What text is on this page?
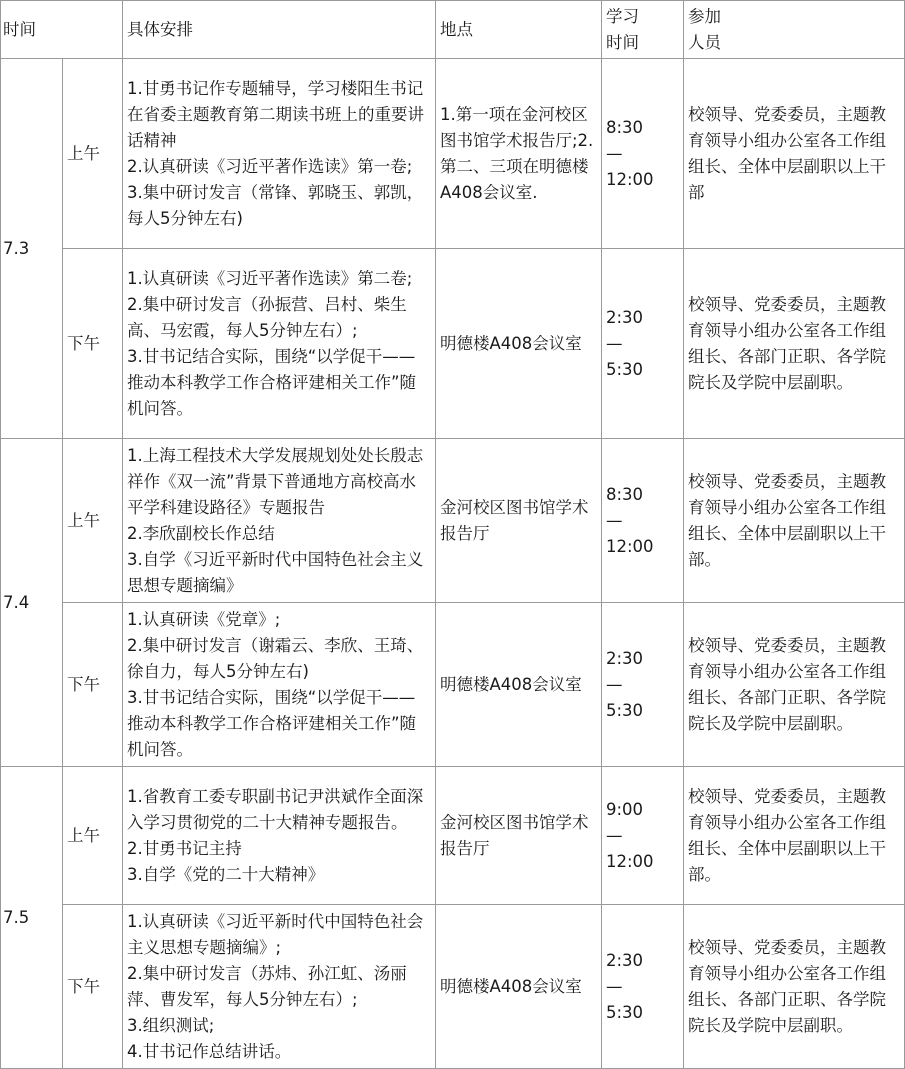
时间		具体安排	地点	学习
时间	参加
人员
7.3	上午	1.甘勇书记作专题辅导，学习楼阳生书记在省委主题教育第二期读书班上的重要讲话精神
2.认真研读《习近平著作选读》第一卷;
3.集中研讨发言（常锋、郭晓玉、郭凯，每人5分钟左右)	1.第一项在金河校区图书馆学术报告厅;2.第二、三项在明德楼A408会议室.	8:30
—
12:00	校领导、党委委员，主题教育领导小组办公室各工作组组长、全体中层副职以上干部
	下午	1.认真研读《习近平著作选读》第二卷;
2.集中研讨发言（孙振营、吕村、柴生高、马宏霞，每人5分钟左右）;
3.甘书记结合实际，围绕“以学促干——推动本科教学工作合格评建相关工作”随机问答。	明德楼A408会议室	2:30
—
5:30	校领导、党委委员，主题教育领导小组办公室各工作组组长、各部门正职、各学院院长及学院中层副职。
7.4	上午	1.上海工程技术大学发展规划处处长殷志祥作《双一流”背景下普通地方高校高水平学科建设路径》专题报告
2.李欣副校长作总结
3.自学《习近平新时代中国特色社会主义思想专题摘编》	金河校区图书馆学术报告厅	8:30
—
12:00	校领导、党委委员，主题教育领导小组办公室各工作组组长、全体中层副职以上干部。
	下午	1.认真研读《党章》;
2.集中研讨发言（谢霜云、李欣、王琦、徐自力，每人5分钟左右)
3.甘书记结合实际，围绕“以学促干——推动本科教学工作合格评建相关工作”随机问答。	明德楼A408会议室	2:30
—
5:30	校领导、党委委员，主题教育领导小组办公室各工作组组长、各部门正职、各学院院长及学院中层副职。
7.5	上午	1.省教育工委专职副书记尹洪斌作全面深入学习贯彻党的二十大精神专题报告。
2.甘勇书记主持
3.自学《党的二十大精神》	金河校区图书馆学术报告厅	9:00
—
12:00	校领导、党委委员，主题教育领导小组办公室各工作组组长、全体中层副职以上干部。
	下午	1.认真研读《习近平新时代中国特色社会主义思想专题摘编》;
2.集中研讨发言（苏炜、孙江虹、汤丽萍、曹发军，每人5分钟左右）;
3.组织测试;
4.甘书记作总结讲话。	明德楼A408会议室	2:30
—
5:30	校领导、党委委员，主题教育领导小组办公室各工作组组长、各部门正职、各学院院长及学院中层副职。
